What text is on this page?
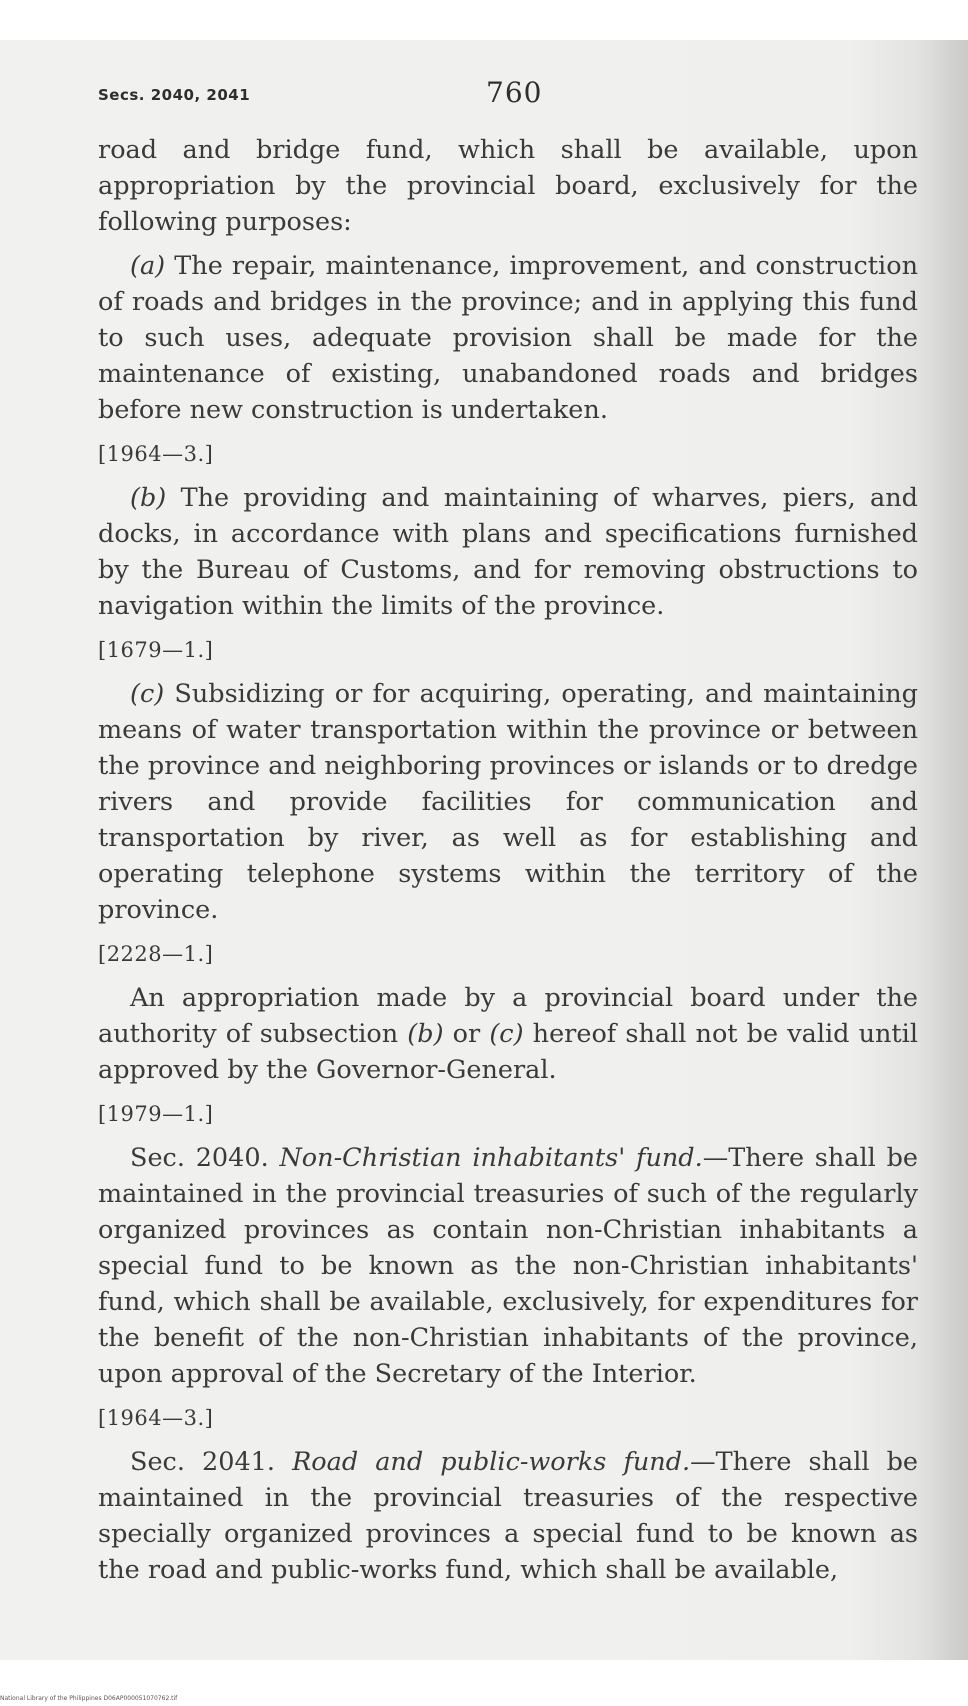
Secs. 2040, 2041	760

road and bridge fund, which shall be available, upon appropriation by the provincial board, exclusively for the following purposes:

(a) The repair, maintenance, improvement, and construction of roads and bridges in the province; and in applying this fund to such uses, adequate provision shall be made for the maintenance of existing, unabandoned roads and bridges before new construction is undertaken.

[1964—3.]

(b) The providing and maintaining of wharves, piers, and docks, in accordance with plans and specifications furnished by the Bureau of Customs, and for removing obstructions to navigation within the limits of the province.

[1679—1.]

(c) Subsidizing or for acquiring, operating, and maintaining means of water transportation within the province or between the province and neighboring provinces or islands or to dredge rivers and provide facilities for communication and transportation by river, as well as for establishing and operating telephone systems within the territory of the province.

[2228—1.]

An appropriation made by a provincial board under the authority of subsection (b) or (c) hereof shall not be valid until approved by the Governor-General.

[1979—1.]

Sec. 2040. Non-Christian inhabitants' fund.—There shall be maintained in the provincial treasuries of such of the regularly organized provinces as contain non-Christian inhabitants a special fund to be known as the non-Christian inhabitants' fund, which shall be available, exclusively, for expenditures for the benefit of the non-Christian inhabitants of the province, upon approval of the Secretary of the Interior.

[1964—3.]

Sec. 2041. Road and public-works fund.—There shall be maintained in the provincial treasuries of the respective specially organized provinces a special fund to be known as the road and public-works fund, which shall be available,

National Library of the Philippines D06AP000051070762.tif
